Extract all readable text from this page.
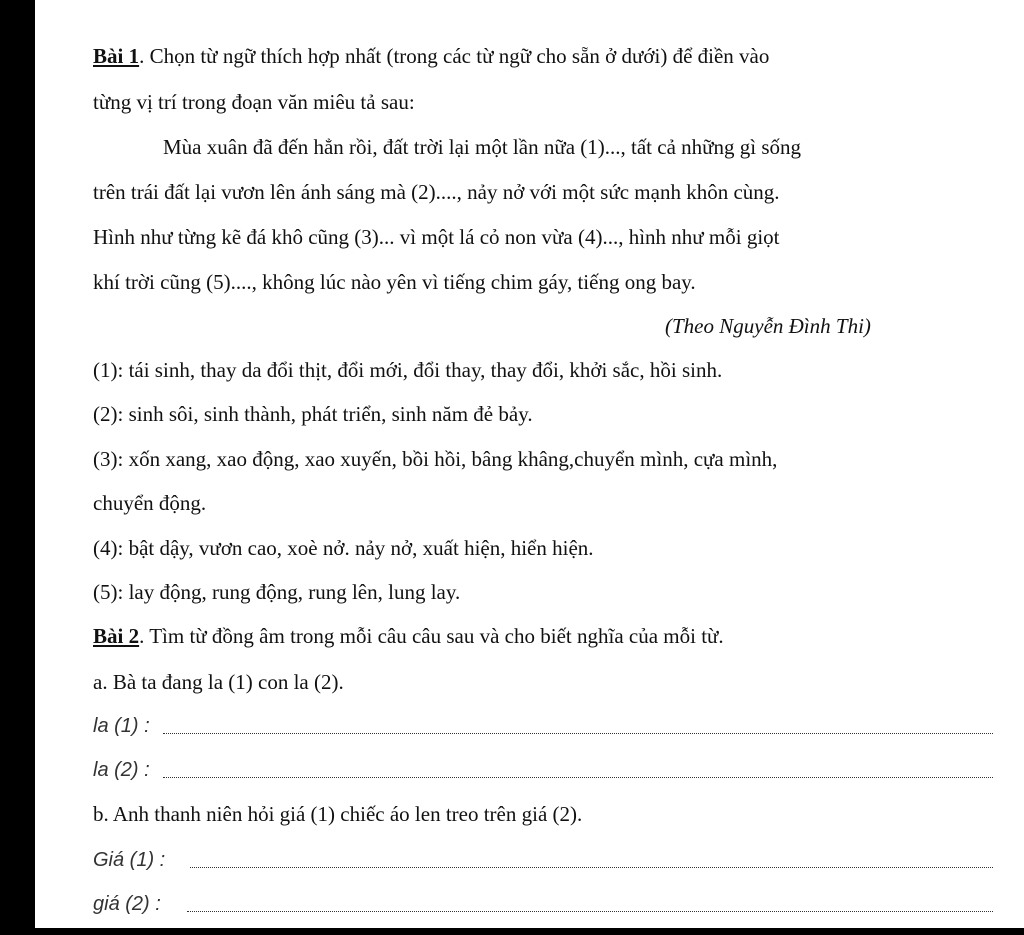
Bài 1. Chọn từ ngữ thích hợp nhất (trong các từ ngữ cho sẵn ở dưới) để điền vào
từng vị trí trong đoạn văn miêu tả sau:
Mùa xuân đã đến hẳn rồi, đất trời lại một lần nữa (1)..., tất cả những gì sống
trên trái đất lại vươn lên ánh sáng mà (2)...., nảy nở với một sức mạnh khôn cùng.
Hình như từng kẽ đá khô cũng (3)... vì một lá cỏ non vừa (4)..., hình như mỗi giọt
khí trời cũng (5)...., không lúc nào yên vì tiếng chim gáy, tiếng ong bay.
(Theo Nguyễn Đình Thi)
(1): tái sinh, thay da đổi thịt, đổi mới, đổi thay, thay đổi, khởi sắc, hồi sinh.
(2): sinh sôi, sinh thành, phát triển, sinh năm đẻ bảy.
(3): xốn xang, xao động, xao xuyến, bồi hồi, bâng khâng,chuyển mình, cựa mình,
chuyển động.
(4): bật dậy, vươn cao, xoè nở. nảy nở, xuất hiện, hiển hiện.
(5): lay động, rung động, rung lên, lung lay.
Bài 2. Tìm từ đồng âm trong mỗi câu câu sau và cho biết nghĩa của mỗi từ.
a. Bà ta đang la (1) con la (2).
la (1) :
la (2) :
b. Anh thanh niên hỏi giá (1) chiếc áo len treo trên giá (2).
Giá (1) :
giá (2) :
